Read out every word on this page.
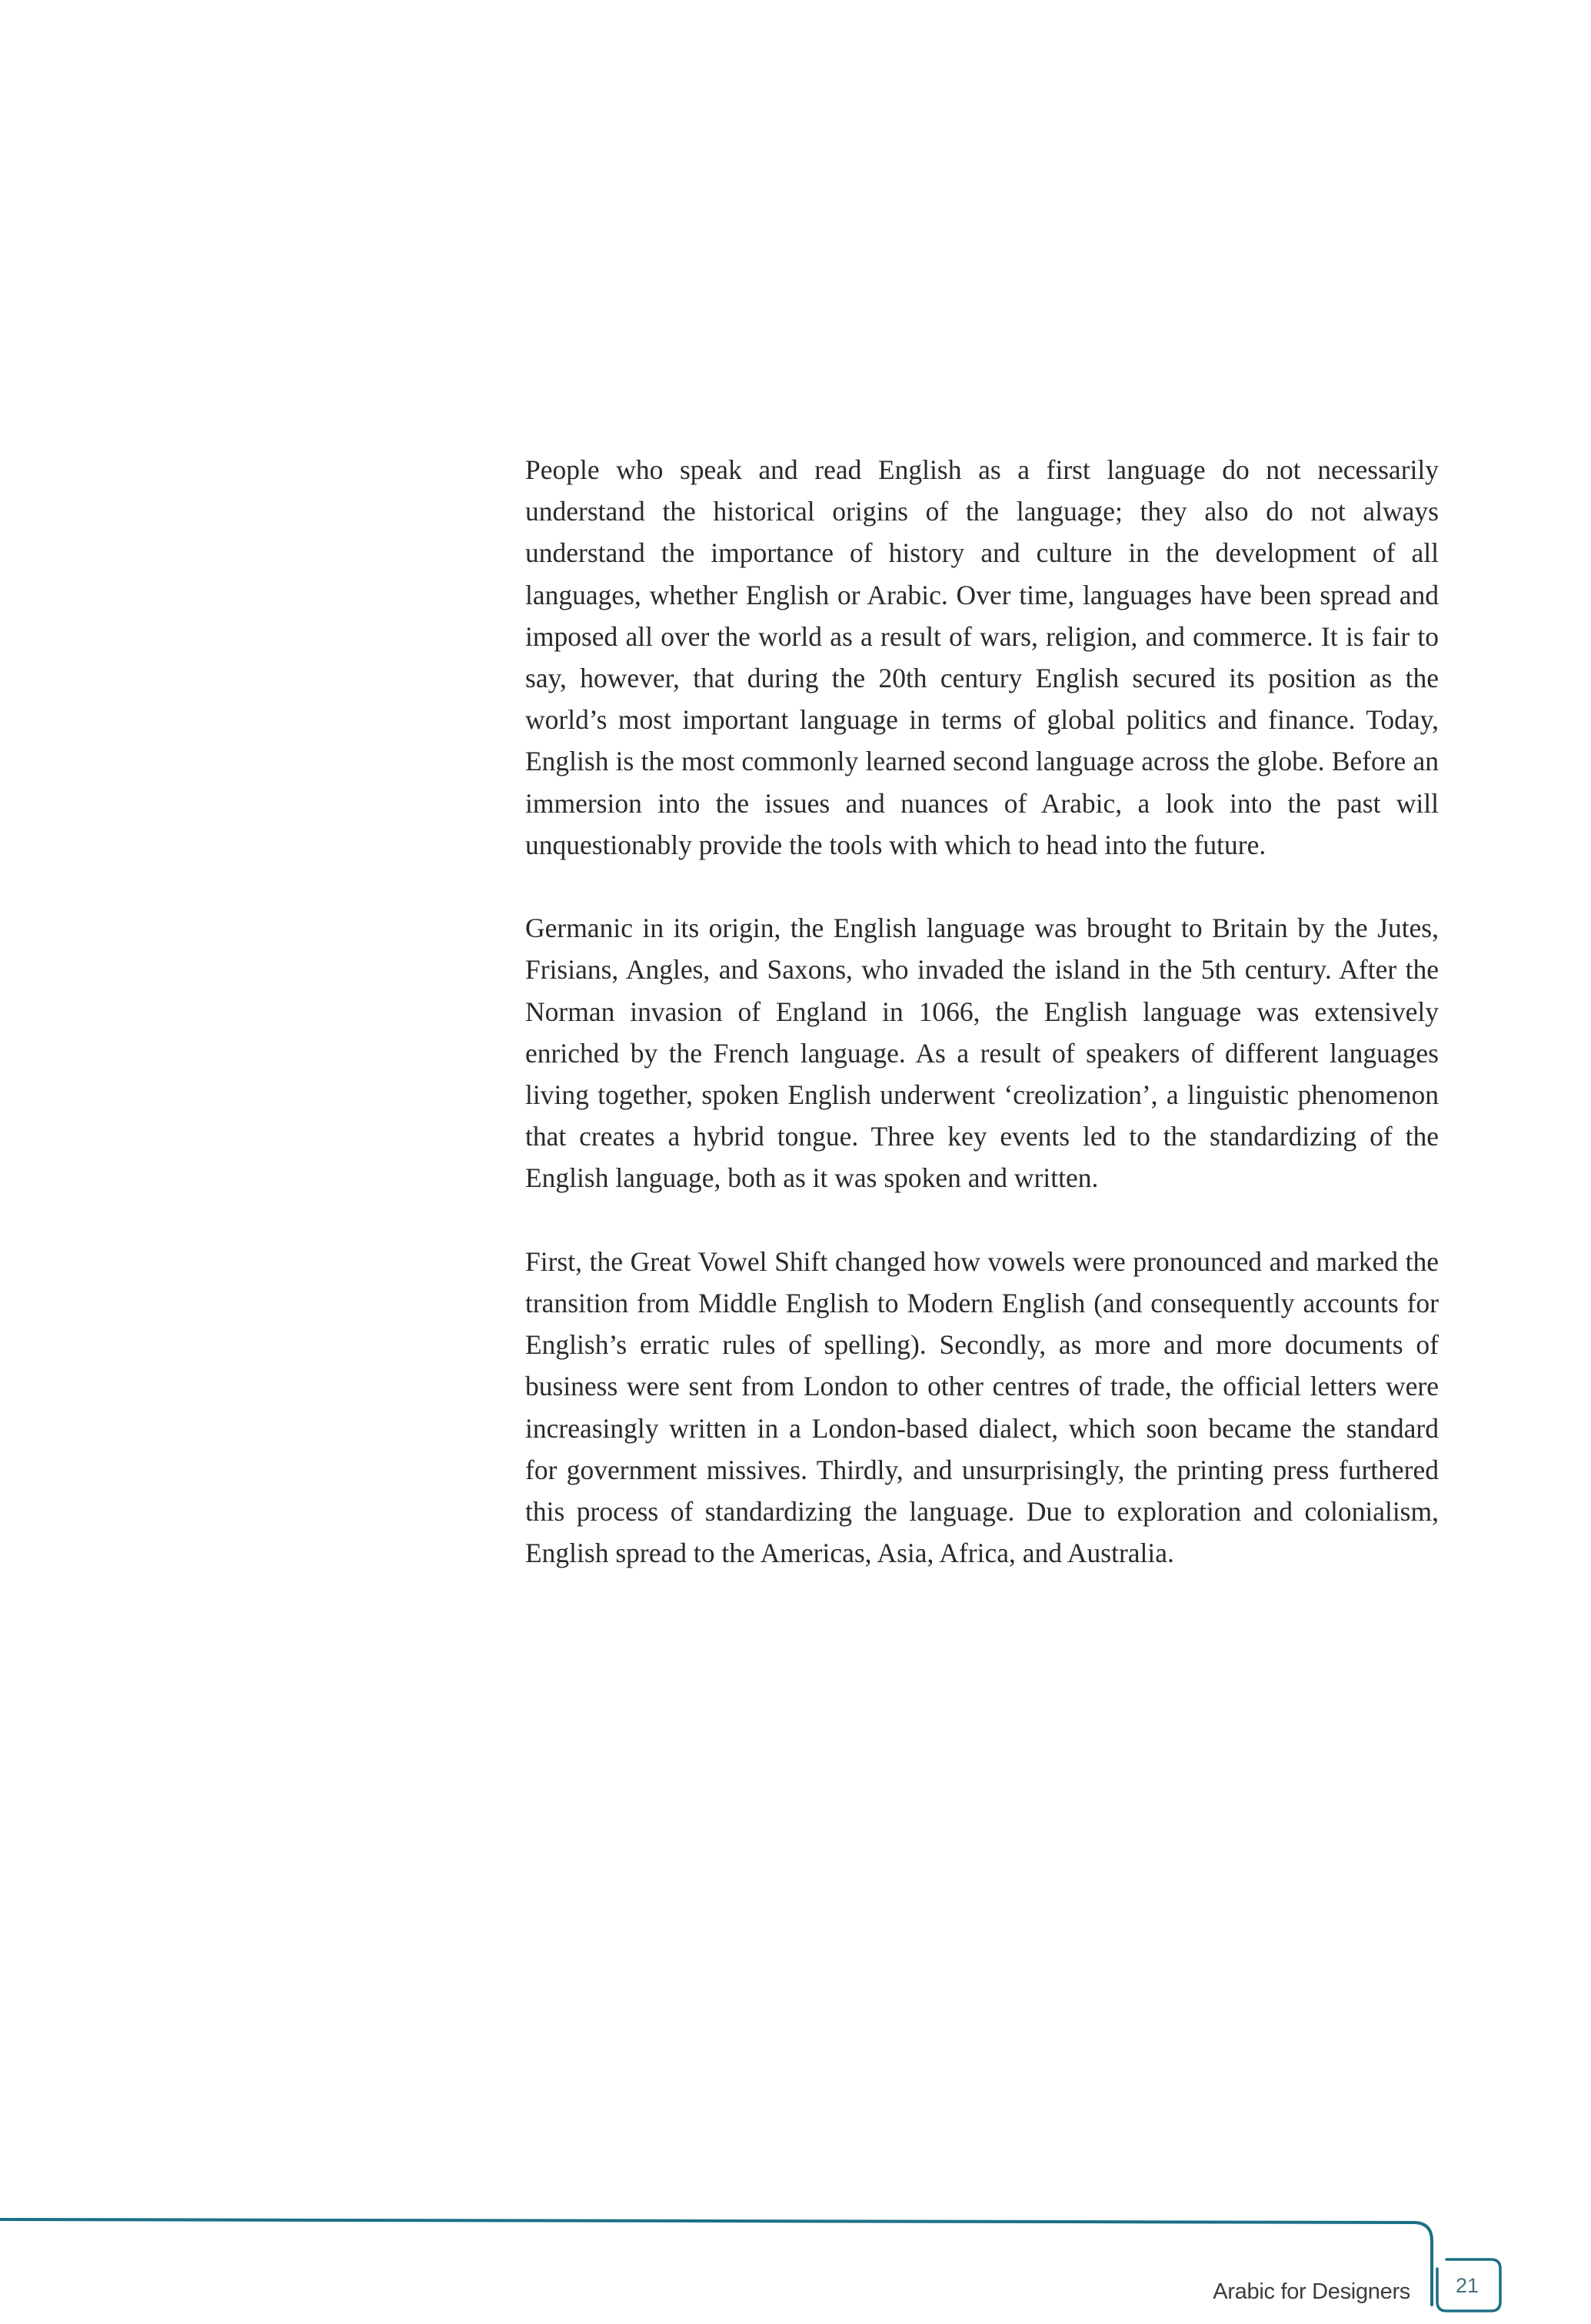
People who speak and read English as a first language do not necessarily understand the historical origins of the language; they also do not always understand the importance of history and culture in the development of all languages, whether English or Arabic. Over time, languages have been spread and imposed all over the world as a result of wars, religion, and commerce. It is fair to say, however, that during the 20th century English secured its position as the world’s most important language in terms of global politics and finance. Today, English is the most commonly learned second language across the globe. Before an immersion into the issues and nuances of Arabic, a look into the past will unquestionably provide the tools with which to head into the future.

Germanic in its origin, the English language was brought to Britain by the Jutes, Frisians, Angles, and Saxons, who invaded the island in the 5th century. After the Norman invasion of England in 1066, the English language was extensively enriched by the French language. As a result of speakers of different languages living together, spoken English underwent ‘creolization’, a linguistic phenomenon that creates a hybrid tongue. Three key events led to the standardizing of the English language, both as it was spoken and written.

First, the Great Vowel Shift changed how vowels were pronounced and marked the transition from Middle English to Modern English (and consequently accounts for English’s erratic rules of spelling). Secondly, as more and more documents of business were sent from London to other centres of trade, the official letters were increasingly written in a London-based dialect, which soon became the standard for government missives. Thirdly, and unsurprisingly, the printing press furthered this process of standardizing the language. Due to exploration and colonialism, English spread to the Americas, Asia, Africa, and Australia.

Arabic for Designers	21
